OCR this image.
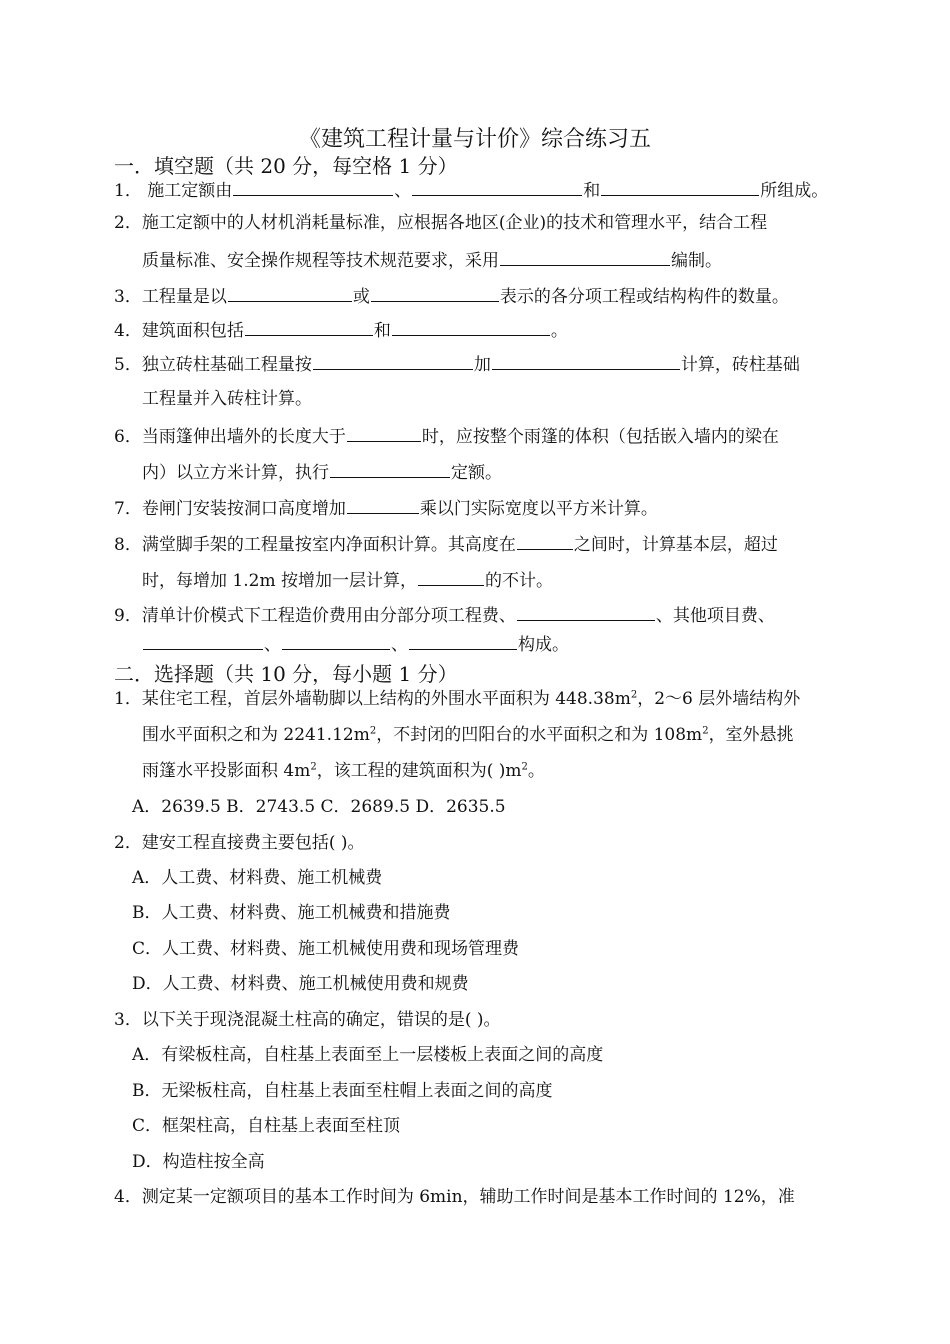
《建筑工程计量与计价》综合练习五
一．填空题（共 20 分，每空格 1 分）
1． 施工定额由	、	和	所组成。
2．施工定额中的人材机消耗量标准，应根据各地区(企业)的技术和管理水平，结合工程
质量标准、安全操作规程等技术规范要求，采用	编制。
3．工程量是以	或	表示的各分项工程或结构构件的数量。
4．建筑面积包括	和	。
5．独立砖柱基础工程量按	加	计算，砖柱基础
工程量并入砖柱计算。
6．当雨篷伸出墙外的长度大于	时，应按整个雨篷的体积（包括嵌入墙内的梁在
内）以立方米计算，执行	定额。
7．卷闸门安装按洞口高度增加	乘以门实际宽度以平方米计算。
8．满堂脚手架的工程量按室内净面积计算。其高度在	之间时，计算基本层，超过
时，每增加 1.2m 按增加一层计算，	的不计。
9．清单计价模式下工程造价费用由分部分项工程费、	、其他项目费、
、	、	构成。
二．选择题（共 10 分，每小题 1 分）
1．某住宅工程，首层外墙勒脚以上结构的外围水平面积为 $448.38m^2$，2～6 层外墙结构外
围水平面积之和为 $2241.12m^2$，不封闭的凹阳台的水平面积之和为 $108m^2$，室外悬挑
雨篷水平投影面积 $4m^2$，该工程的建筑面积为( )$m^2$。
A．2639.5 B．2743.5 C．2689.5 D．2635.5
2．建安工程直接费主要包括( )。
A．人工费、材料费、施工机械费
B．人工费、材料费、施工机械费和措施费
C．人工费、材料费、施工机械使用费和现场管理费
D．人工费、材料费、施工机械使用费和规费
3．以下关于现浇混凝土柱高的确定，错误的是( )。
A．有梁板柱高，自柱基上表面至上一层楼板上表面之间的高度
B．无梁板柱高，自柱基上表面至柱帽上表面之间的高度
C．框架柱高，自柱基上表面至柱顶
D．构造柱按全高
4．测定某一定额项目的基本工作时间为 6min，辅助工作时间是基本工作时间的 12%，准
